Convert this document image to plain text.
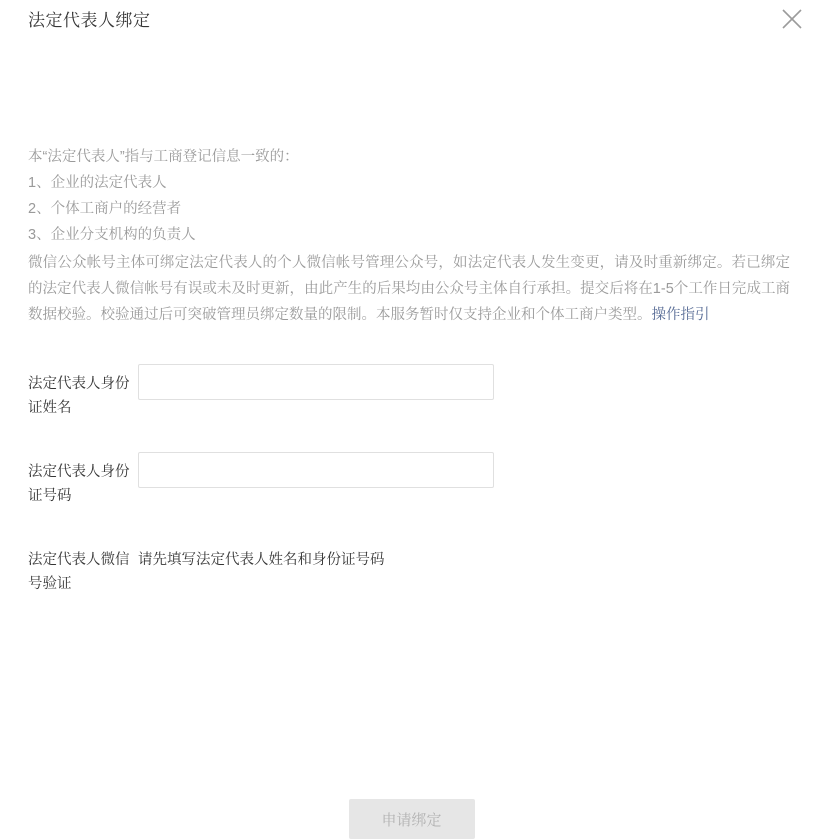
法定代表人绑定

本“法定代表人”指与工商登记信息一致的：

1、企业的法定代表人

2、个体工商户的经营者

3、企业分支机构的负责人

微信公众帐号主体可绑定法定代表人的个人微信帐号管理公众号，如法定代表人发生变更，请及时重新绑定。若已绑定的法定代表人微信帐号有误或未及时更新，由此产生的后果均由公众号主体自行承担。提交后将在1-5个工作日完成工商数据校验。校验通过后可突破管理员绑定数量的限制。本服务暂时仅支持企业和个体工商户类型。操作指引

法定代表人身份证姓名
法定代表人身份证号码
法定代表人微信号验证
请先填写法定代表人姓名和身份证号码
申请绑定
